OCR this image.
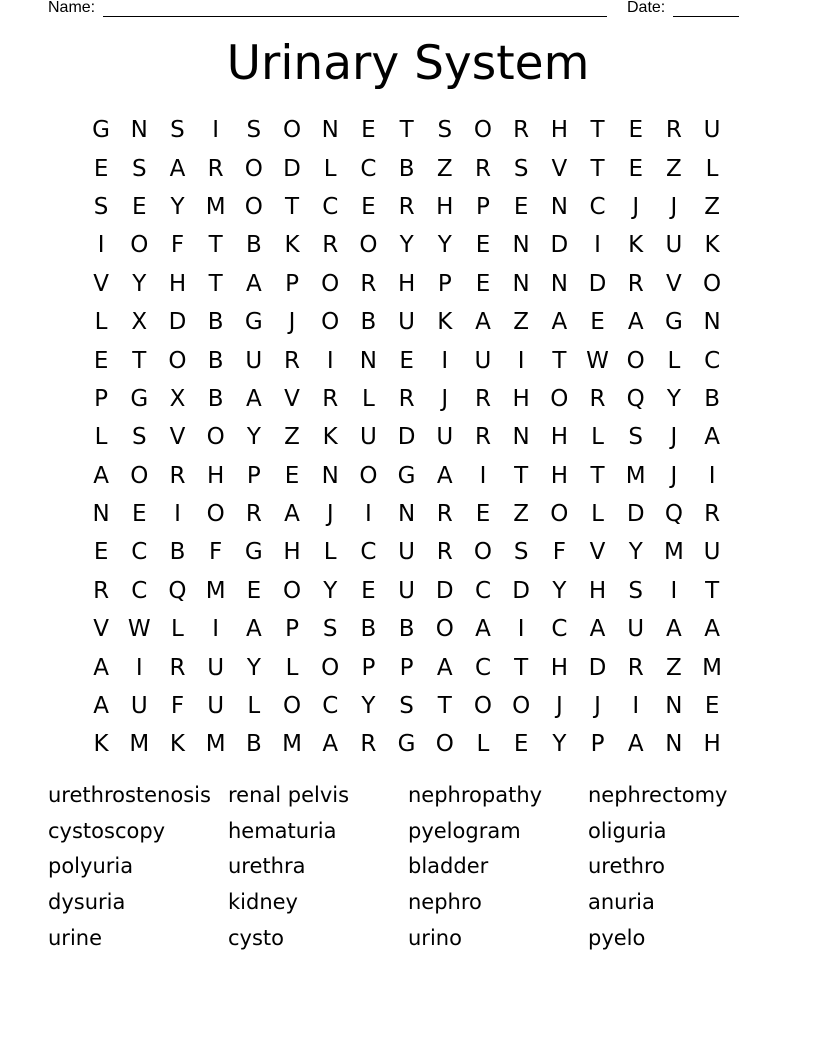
Name:	Date:
Urinary System
G N S	I	S O N E	T	S O R H T	E R U
E	S	A R O D L	C B Z R S	V	T	E	Z	L
S	E	Y M O T	C E R H P	E N C	J	J	Z
I	O F	T	B K R O Y	Y	E N D	I	K U K
V	Y H T	A	P O R H P	E N N D R V O
L	X D B G	J	O B U K A Z A	E	A G N
E	T O B U R	I	N E	I	U	I	T W O L	C
P G X B A V R	L	R	J	R H O R Q Y	B
L	S	V O Y	Z K U D U R N H	L	S	J	A
A O R H P	E N O G A	I	T H T M	J	I
N E	I	O R A	J	I	N R E	Z O L D Q R
E C B	F G H	L	C U R O S	F	V	Y M U
R C Q M E O Y	E U D C D Y H S	I	T
V W L	I	A	P	S	B B O A	I	C A U A A
A	I	R U Y	L O P	P	A C	T H D R Z M
A U	F	U	L O C	Y	S	T O O	J	J	I	N E
K M K M B M A R G O L	E	Y	P	A N H
urethrostenosis renal pelvis	nephropathy	nephrectomy
cystoscopy	hematuria	pyelogram	oliguria
polyuria	urethra	bladder	urethro
dysuria	kidney	nephro	anuria
urine	cysto	urino	pyelo
